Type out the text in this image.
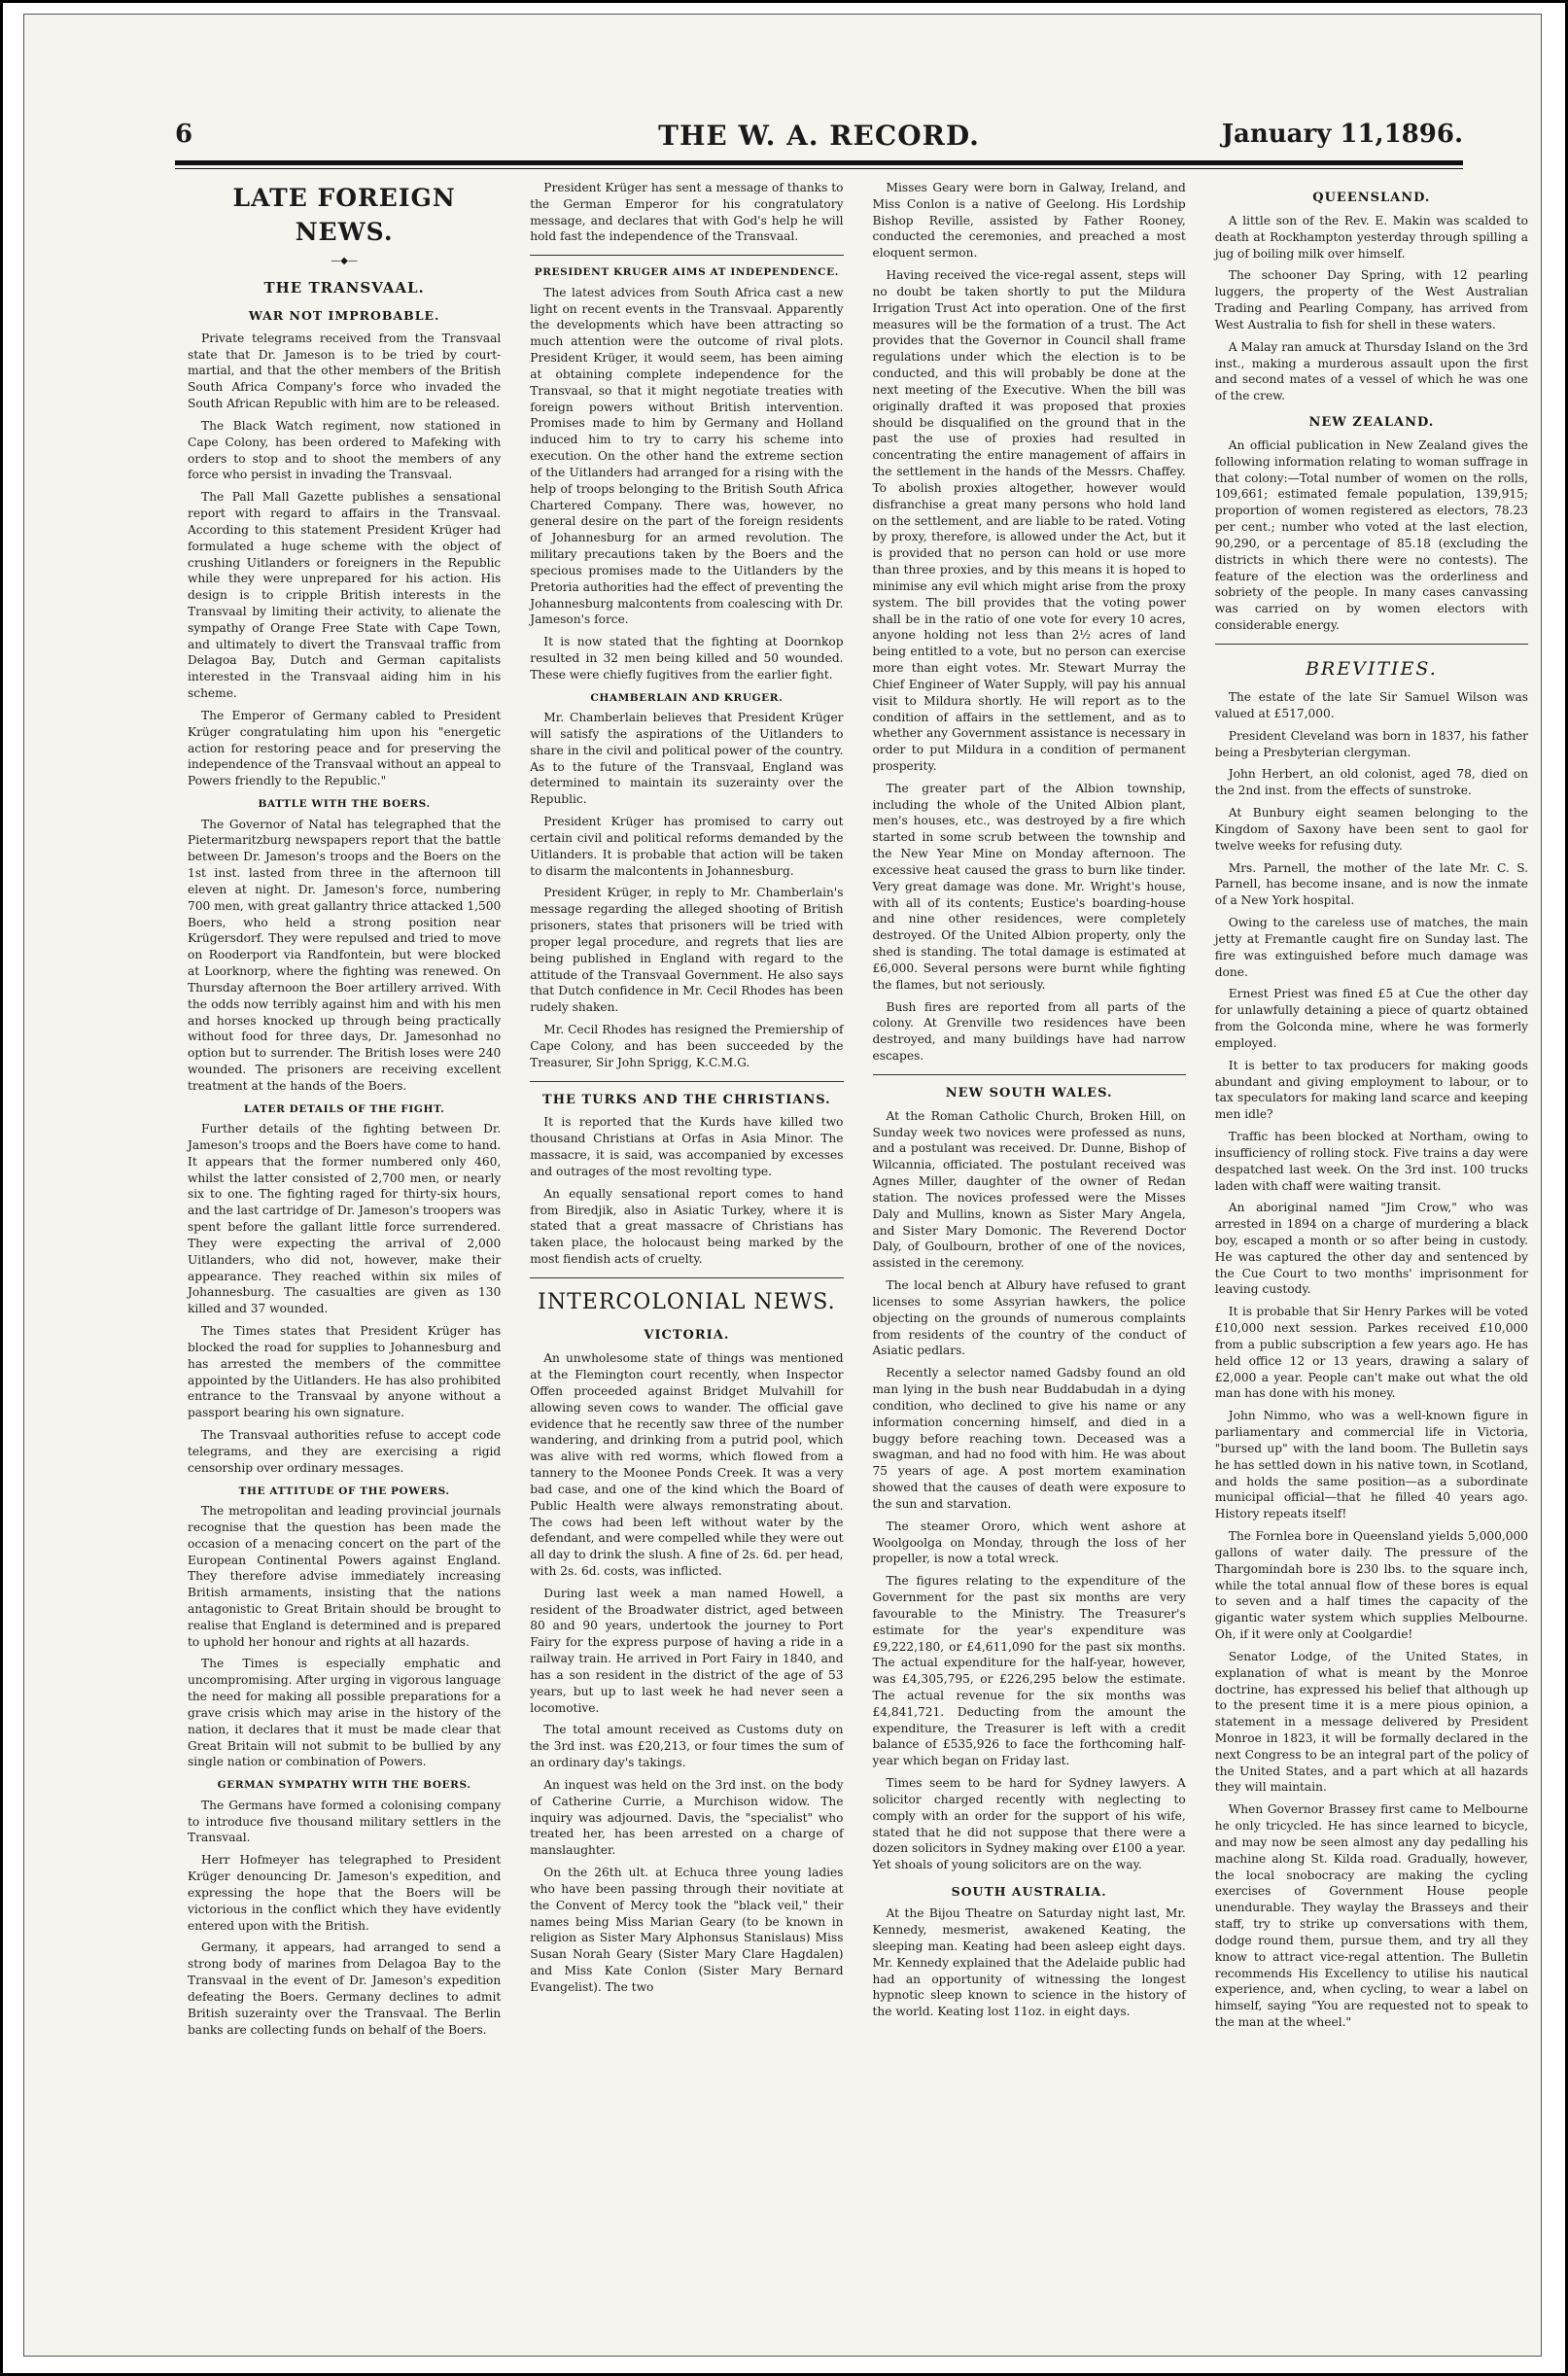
6	THE W. A. RECORD.	January 11,1896.
LATE FOREIGN NEWS.
—◆—
THE TRANSVAAL.
WAR NOT IMPROBABLE.

Private telegrams received from the Transvaal state that Dr. Jameson is to be tried by court-martial, and that the other members of the British South Africa Company's force who invaded the South African Republic with him are to be released.

The Black Watch regiment, now stationed in Cape Colony, has been ordered to Mafeking with orders to stop and to shoot the members of any force who persist in invading the Transvaal.

The Pall Mall Gazette publishes a sensational report with regard to affairs in the Transvaal. According to this statement President Krüger had formulated a huge scheme with the object of crushing Uitlanders or foreigners in the Republic while they were unprepared for his action. His design is to cripple British interests in the Transvaal by limiting their activity, to alienate the sympathy of Orange Free State with Cape Town, and ultimately to divert the Transvaal traffic from Delagoa Bay, Dutch and German capitalists interested in the Transvaal aiding him in his scheme.

The Emperor of Germany cabled to President Krüger congratulating him upon his "energetic action for restoring peace and for preserving the independence of the Transvaal without an appeal to Powers friendly to the Republic."

BATTLE WITH THE BOERS.

The Governor of Natal has telegraphed that the Pietermaritzburg newspapers report that the battle between Dr. Jameson's troops and the Boers on the 1st inst. lasted from three in the afternoon till eleven at night. Dr. Jameson's force, numbering 700 men, with great gallantry thrice attacked 1,500 Boers, who held a strong position near Krügersdorf. They were repulsed and tried to move on Rooderport via Randfontein, but were blocked at Loorknorp, where the fighting was renewed. On Thursday afternoon the Boer artillery arrived. With the odds now terribly against him and with his men and horses knocked up through being practically without food for three days, Dr. Jamesonhad no option but to surrender. The British loses were 240 wounded. The prisoners are receiving excellent treatment at the hands of the Boers.

LATER DETAILS OF THE FIGHT.

Further details of the fighting between Dr. Jameson's troops and the Boers have come to hand. It appears that the former numbered only 460, whilst the latter consisted of 2,700 men, or nearly six to one. The fighting raged for thirty-six hours, and the last cartridge of Dr. Jameson's troopers was spent before the gallant little force surrendered. They were expecting the arrival of 2,000 Uitlanders, who did not, however, make their appearance. They reached within six miles of Johannesburg. The casualties are given as 130 killed and 37 wounded.

The Times states that President Krüger has blocked the road for supplies to Johannesburg and has arrested the members of the committee appointed by the Uitlanders. He has also prohibited entrance to the Transvaal by anyone without a passport bearing his own signature.

The Transvaal authorities refuse to accept code telegrams, and they are exercising a rigid censorship over ordinary messages.

THE ATTITUDE OF THE POWERS.

The metropolitan and leading provincial journals recognise that the question has been made the occasion of a menacing concert on the part of the European Continental Powers against England. They therefore advise immediately increasing British armaments, insisting that the nations antagonistic to Great Britain should be brought to realise that England is determined and is prepared to uphold her honour and rights at all hazards.

The Times is especially emphatic and uncompromising. After urging in vigorous language the need for making all possible preparations for a grave crisis which may arise in the history of the nation, it declares that it must be made clear that Great Britain will not submit to be bullied by any single nation or combination of Powers.

GERMAN SYMPATHY WITH THE BOERS.

The Germans have formed a colonising company to introduce five thousand military settlers in the Transvaal.

Herr Hofmeyer has telegraphed to President Krüger denouncing Dr. Jameson's expedition, and expressing the hope that the Boers will be victorious in the conflict which they have evidently entered upon with the British.

Germany, it appears, had arranged to send a strong body of marines from Delagoa Bay to the Transvaal in the event of Dr. Jameson's expedition defeating the Boers. Germany declines to admit British suzerainty over the Transvaal. The Berlin banks are collecting funds on behalf of the Boers.

President Krüger has sent a message of thanks to the German Emperor for his congratulatory message, and declares that with God's help he will hold fast the independence of the Transvaal.

PRESIDENT KRUGER AIMS AT INDEPENDENCE.

The latest advices from South Africa cast a new light on recent events in the Transvaal. Apparently the developments which have been attracting so much attention were the outcome of rival plots. President Krüger, it would seem, has been aiming at obtaining complete independence for the Transvaal, so that it might negotiate treaties with foreign powers without British intervention. Promises made to him by Germany and Holland induced him to try to carry his scheme into execution. On the other hand the extreme section of the Uitlanders had arranged for a rising with the help of troops belonging to the British South Africa Chartered Company. There was, however, no general desire on the part of the foreign residents of Johannesburg for an armed revolution. The military precautions taken by the Boers and the specious promises made to the Uitlanders by the Pretoria authorities had the effect of preventing the Johannesburg malcontents from coalescing with Dr. Jameson's force.

It is now stated that the fighting at Doornkop resulted in 32 men being killed and 50 wounded. These were chiefly fugitives from the earlier fight.

CHAMBERLAIN AND KRUGER.

Mr. Chamberlain believes that President Krüger will satisfy the aspirations of the Uitlanders to share in the civil and political power of the country. As to the future of the Transvaal, England was determined to maintain its suzerainty over the Republic.

President Krüger has promised to carry out certain civil and political reforms demanded by the Uitlanders. It is probable that action will be taken to disarm the malcontents in Johannesburg.

President Krüger, in reply to Mr. Chamberlain's message regarding the alleged shooting of British prisoners, states that prisoners will be tried with proper legal procedure, and regrets that lies are being published in England with regard to the attitude of the Transvaal Government. He also says that Dutch confidence in Mr. Cecil Rhodes has been rudely shaken.

Mr. Cecil Rhodes has resigned the Premiership of Cape Colony, and has been succeeded by the Treasurer, Sir John Sprigg, K.C.M.G.

THE TURKS AND THE CHRISTIANS.

It is reported that the Kurds have killed two thousand Christians at Orfas in Asia Minor. The massacre, it is said, was accompanied by excesses and outrages of the most revolting type.

An equally sensational report comes to hand from Biredjik, also in Asiatic Turkey, where it is stated that a great massacre of Christians has taken place, the holocaust being marked by the most fiendish acts of cruelty.

INTERCOLONIAL NEWS.
VICTORIA.

An unwholesome state of things was mentioned at the Flemington court recently, when Inspector Offen proceeded against Bridget Mulvahill for allowing seven cows to wander. The official gave evidence that he recently saw three of the number wandering, and drinking from a putrid pool, which was alive with red worms, which flowed from a tannery to the Moonee Ponds Creek. It was a very bad case, and one of the kind which the Board of Public Health were always remonstrating about. The cows had been left without water by the defendant, and were compelled while they were out all day to drink the slush. A fine of 2s. 6d. per head, with 2s. 6d. costs, was inflicted.

During last week a man named Howell, a resident of the Broadwater district, aged between 80 and 90 years, undertook the journey to Port Fairy for the express purpose of having a ride in a railway train. He arrived in Port Fairy in 1840, and has a son resident in the district of the age of 53 years, but up to last week he had never seen a locomotive.

The total amount received as Customs duty on the 3rd inst. was £20,213, or four times the sum of an ordinary day's takings.

An inquest was held on the 3rd inst. on the body of Catherine Currie, a Murchison widow. The inquiry was adjourned. Davis, the "specialist" who treated her, has been arrested on a charge of manslaughter.

On the 26th ult. at Echuca three young ladies who have been passing through their novitiate at the Convent of Mercy took the "black veil," their names being Miss Marian Geary (to be known in religion as Sister Mary Alphonsus Stanislaus) Miss Susan Norah Geary (Sister Mary Clare Hagdalen) and Miss Kate Conlon (Sister Mary Bernard Evangelist). The two

Misses Geary were born in Galway, Ireland, and Miss Conlon is a native of Geelong. His Lordship Bishop Reville, assisted by Father Rooney, conducted the ceremonies, and preached a most eloquent sermon.

Having received the vice-regal assent, steps will no doubt be taken shortly to put the Mildura Irrigation Trust Act into operation. One of the first measures will be the formation of a trust. The Act provides that the Governor in Council shall frame regulations under which the election is to be conducted, and this will probably be done at the next meeting of the Executive. When the bill was originally drafted it was proposed that proxies should be disqualified on the ground that in the past the use of proxies had resulted in concentrating the entire management of affairs in the settlement in the hands of the Messrs. Chaffey. To abolish proxies altogether, however would disfranchise a great many persons who hold land on the settlement, and are liable to be rated. Voting by proxy, therefore, is allowed under the Act, but it is provided that no person can hold or use more than three proxies, and by this means it is hoped to minimise any evil which might arise from the proxy system. The bill provides that the voting power shall be in the ratio of one vote for every 10 acres, anyone holding not less than 2½ acres of land being entitled to a vote, but no person can exercise more than eight votes. Mr. Stewart Murray the Chief Engineer of Water Supply, will pay his annual visit to Mildura shortly. He will report as to the condition of affairs in the settlement, and as to whether any Government assistance is necessary in order to put Mildura in a condition of permanent prosperity.

The greater part of the Albion township, including the whole of the United Albion plant, men's houses, etc., was destroyed by a fire which started in some scrub between the township and the New Year Mine on Monday afternoon. The excessive heat caused the grass to burn like tinder. Very great damage was done. Mr. Wright's house, with all of its contents; Eustice's boarding-house and nine other residences, were completely destroyed. Of the United Albion property, only the shed is standing. The total damage is estimated at £6,000. Several persons were burnt while fighting the flames, but not seriously.

Bush fires are reported from all parts of the colony. At Grenville two residences have been destroyed, and many buildings have had narrow escapes.

NEW SOUTH WALES.

At the Roman Catholic Church, Broken Hill, on Sunday week two novices were professed as nuns, and a postulant was received. Dr. Dunne, Bishop of Wilcannia, officiated. The postulant received was Agnes Miller, daughter of the owner of Redan station. The novices professed were the Misses Daly and Mullins, known as Sister Mary Angela, and Sister Mary Domonic. The Reverend Doctor Daly, of Goulbourn, brother of one of the novices, assisted in the ceremony.

The local bench at Albury have refused to grant licenses to some Assyrian hawkers, the police objecting on the grounds of numerous complaints from residents of the country of the conduct of Asiatic pedlars.

Recently a selector named Gadsby found an old man lying in the bush near Buddabudah in a dying condition, who declined to give his name or any information concerning himself, and died in a buggy before reaching town. Deceased was a swagman, and had no food with him. He was about 75 years of age. A post mortem examination showed that the causes of death were exposure to the sun and starvation.

The steamer Ororo, which went ashore at Woolgoolga on Monday, through the loss of her propeller, is now a total wreck.

The figures relating to the expenditure of the Government for the past six months are very favourable to the Ministry. The Treasurer's estimate for the year's expenditure was £9,222,180, or £4,611,090 for the past six months. The actual expenditure for the half-year, however, was £4,305,795, or £226,295 below the estimate. The actual revenue for the six months was £4,841,721. Deducting from the amount the expenditure, the Treasurer is left with a credit balance of £535,926 to face the forthcoming half-year which began on Friday last.

Times seem to be hard for Sydney lawyers. A solicitor charged recently with neglecting to comply with an order for the support of his wife, stated that he did not suppose that there were a dozen solicitors in Sydney making over £100 a year. Yet shoals of young solicitors are on the way.

SOUTH AUSTRALIA.

At the Bijou Theatre on Saturday night last, Mr. Kennedy, mesmerist, awakened Keating, the sleeping man. Keating had been asleep eight days. Mr. Kennedy explained that the Adelaide public had had an opportunity of witnessing the longest hypnotic sleep known to science in the history of the world. Keating lost 11oz. in eight days.

QUEENSLAND.

A little son of the Rev. E. Makin was scalded to death at Rockhampton yesterday through spilling a jug of boiling milk over himself.

The schooner Day Spring, with 12 pearling luggers, the property of the West Australian Trading and Pearling Company, has arrived from West Australia to fish for shell in these waters.

A Malay ran amuck at Thursday Island on the 3rd inst., making a murderous assault upon the first and second mates of a vessel of which he was one of the crew.

NEW ZEALAND.

An official publication in New Zealand gives the following information relating to woman suffrage in that colony:—Total number of women on the rolls, 109,661; estimated female population, 139,915; proportion of women registered as electors, 78.23 per cent.; number who voted at the last election, 90,290, or a percentage of 85.18 (excluding the districts in which there were no contests). The feature of the election was the orderliness and sobriety of the people. In many cases canvassing was carried on by women electors with considerable energy.

BREVITIES.

The estate of the late Sir Samuel Wilson was valued at £517,000.

President Cleveland was born in 1837, his father being a Presbyterian clergyman.

John Herbert, an old colonist, aged 78, died on the 2nd inst. from the effects of sunstroke.

At Bunbury eight seamen belonging to the Kingdom of Saxony have been sent to gaol for twelve weeks for refusing duty.

Mrs. Parnell, the mother of the late Mr. C. S. Parnell, has become insane, and is now the inmate of a New York hospital.

Owing to the careless use of matches, the main jetty at Fremantle caught fire on Sunday last. The fire was extinguished before much damage was done.

Ernest Priest was fined £5 at Cue the other day for unlawfully detaining a piece of quartz obtained from the Golconda mine, where he was formerly employed.

It is better to tax producers for making goods abundant and giving employment to labour, or to tax speculators for making land scarce and keeping men idle?

Traffic has been blocked at Northam, owing to insufficiency of rolling stock. Five trains a day were despatched last week. On the 3rd inst. 100 trucks laden with chaff were waiting transit.

An aboriginal named "Jim Crow," who was arrested in 1894 on a charge of murdering a black boy, escaped a month or so after being in custody. He was captured the other day and sentenced by the Cue Court to two months' imprisonment for leaving custody.

It is probable that Sir Henry Parkes will be voted £10,000 next session. Parkes received £10,000 from a public subscription a few years ago. He has held office 12 or 13 years, drawing a salary of £2,000 a year. People can't make out what the old man has done with his money.

John Nimmo, who was a well-known figure in parliamentary and commercial life in Victoria, "bursed up" with the land boom. The Bulletin says he has settled down in his native town, in Scotland, and holds the same position—as a subordinate municipal official—that he filled 40 years ago. History repeats itself!

The Fornlea bore in Queensland yields 5,000,000 gallons of water daily. The pressure of the Thargomindah bore is 230 lbs. to the square inch, while the total annual flow of these bores is equal to seven and a half times the capacity of the gigantic water system which supplies Melbourne. Oh, if it were only at Coolgardie!

Senator Lodge, of the United States, in explanation of what is meant by the Monroe doctrine, has expressed his belief that although up to the present time it is a mere pious opinion, a statement in a message delivered by President Monroe in 1823, it will be formally declared in the next Congress to be an integral part of the policy of the United States, and a part which at all hazards they will maintain.

When Governor Brassey first came to Melbourne he only tricycled. He has since learned to bicycle, and may now be seen almost any day pedalling his machine along St. Kilda road. Gradually, however, the local snobocracy are making the cycling exercises of Government House people unendurable. They waylay the Brasseys and their staff, try to strike up conversations with them, dodge round them, pursue them, and try all they know to attract vice-regal attention. The Bulletin recommends His Excellency to utilise his nautical experience, and, when cycling, to wear a label on himself, saying "You are requested not to speak to the man at the wheel."
